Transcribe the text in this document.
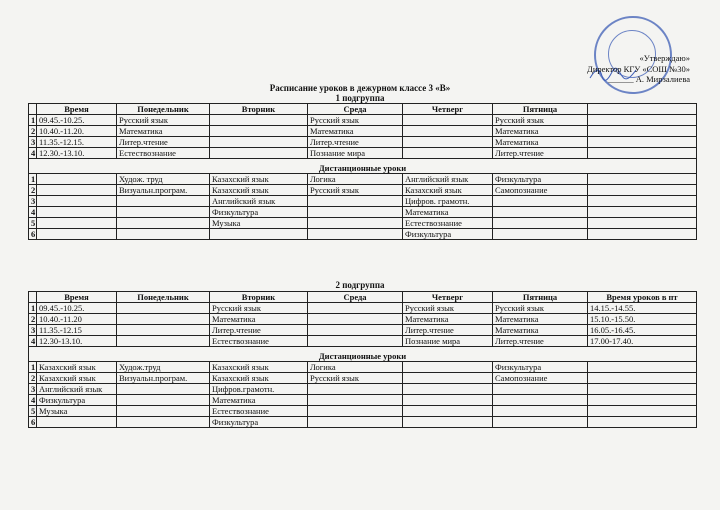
«Утверждаю»
Директор КГУ «СОШ №30»
______ А. Мирзалиева
Расписание уроков в дежурном классе 3 «В»
1 подгруппа
	Время	Понедельник	Вторник	Среда	Четверг	Пятница	
1	09.45.-10.25.	Русский язык		Русский язык		Русский язык	
2	10.40.-11.20.	Математика		Математика		Математика	
3	11.35.-12.15.	Литер.чтение		Литер.чтение		Математика	
4	12.30.-13.10.	Естествознание		Познание мира		Литер.чтение	
Дистанционные уроки							
1		Худож. труд	Казахский язык	Логика	Английский язык	Физкультура	
2		Визуальн.програм.	Казахский язык	Русский язык	Казахский язык	Самопознание	
3			Английский язык		Цифров. грамотн.		
4			Физкультура		Математика		
5			Музыка		Естествознание		
6					Физкультура		
2 подгруппа
	Время	Понедельник	Вторник	Среда	Четверг	Пятница	Время уроков в пт
1	09.45.-10.25.		Русский язык		Русский язык	Русский язык	14.15.-14.55.
2	10.40.-11.20		Математика		Математика	Математика	15.10.-15.50.
3	11.35.-12.15		Литер.чтение		Литер.чтение	Математика	16.05.-16.45.
4	12.30-13.10.		Естествознание		Познание мира	Литер.чтение	17.00-17.40.
Дистанционные уроки							
1	Казахский язык	Худож.труд	Казахский язык	Логика		Физкультура	
2	Казахский язык	Визуальн.програм.	Казахский язык	Русский язык		Самопознание	
3	Английский язык		Цифров.грамотн.				
4	Физкультура		Математика				
5	Музыка		Естествознание				
6			Физкультура				
